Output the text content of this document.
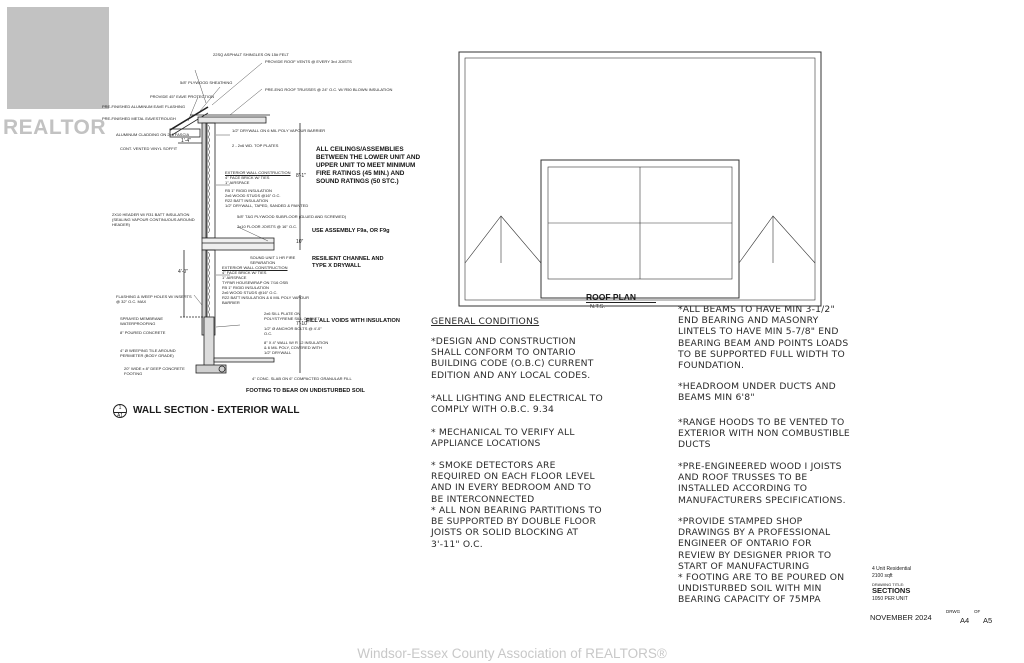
REALTOR
22SQ ASPHALT SHINGLES ON 15# FELT
5/8" PLYWOOD SHEATHING
PROVIDE 45° EAVE PROTECTION
PRE-FINISHED ALUMINUM EAVE FLASHING
PRE-FINISHED METAL EAVESTROUGH
ALUMINUM CLADDING ON 2x6 FASCIA
CONT. VENTED VINYL SOFFIT
PROVIDE ROOF VENTS @ EVERY 3rd JOISTS
PRE-ENG ROOF TRUSSES @ 24" O.C. W/ R50 BLOWN INSULATION
1/2" DRYWALL ON 6 MIL POLY VAPOUR BARRIER
2 - 2x6 WD. TOP PLATES
EXTERIOR WALL CONSTRUCTION
4" FACE BRICK W/ TIES
1" AIRSPACE
R5 1" RIGID INSULATION
2x6 WOOD STUDS @16" O.C.
R22 BATT INSULATION
1/2" DRYWALL, TAPED, SANDED & PAINTED
2X10 HEADER W/ R31 BATT INSULATION (SEALING VAPOUR CONTINUOUS AROUND HEADER)
5/8" T&G PLYWOOD SUBFLOOR (GLUED AND SCREWED)
2x10 FLOOR JOISTS @ 16" O.C.
SOUND UNIT 1 HR FIRE SEPARATION
EXTERIOR WALL CONSTRUCTION
4" FACE BRICK W/ TIES
1" AIRSPACE
TYPAR HOUSEWRAP ON 7/16 OSB
R5 1" RIGID INSULATION
2x6 WOOD STUDS @16" O.C.
R22 BATT INSULATION & 6 MIL POLY VAPOUR BARRIER
FLASHING & WEEP HOLES W/ INSERTS @ 32" O.C. MAX
2x6 SILL PLATE ON POLYSTYRENE SILL GASKET
1/2" Ø ANCHOR BOLTS @ 4'-0" O.C.
8" X 4" WALL W/ R 12 INSULATION & 6 MIL POLY, COVERED WITH 1/2" DRYWALL
SPRAYED MEMBRANE WATERPROOFING
8" POURED CONCRETE
4" Ø WEEPING TILE AROUND PERIMETER (BODY GRADE)
20" WIDE x 8" DEEP CONCRETE FOOTING
4" CONC. SLAB ON 6" COMPACTED GRANULAR FILL
1'-4"
8'-1"
10"
4'-0"
7'-10"
ALL CEILINGS/ASSEMBLIES BETWEEN THE LOWER UNIT AND UPPER UNIT TO MEET MINIMUM FIRE RATINGS (45 MIN.) AND SOUND RATINGS (50 STC.)
USE ASSEMBLY F9a, OR F9g
RESILIENT CHANNEL AND TYPE X DRYWALL
FILL ALL VOIDS WITH INSULATION
FOOTING TO BEAR ON UNDISTURBED SOIL
1
A1 WALL SECTION - EXTERIOR WALL
ROOF PLAN
N.T.S.
GENERAL CONDITIONS
*DESIGN AND CONSTRUCTION SHALL CONFORM TO ONTARIO BUILDING CODE (O.B.C) CURRENT EDITION AND ANY LOCAL CODES.
*ALL LIGHTING AND ELECTRICAL TO COMPLY WITH O.B.C. 9.34
* MECHANICAL TO VERIFY ALL APPLIANCE LOCATIONS
* SMOKE DETECTORS ARE REQUIRED ON EACH FLOOR LEVEL AND IN EVERY BEDROOM AND TO BE INTERCONNECTED
* ALL NON BEARING PARTITIONS TO BE SUPPORTED BY DOUBLE FLOOR JOISTS OR SOLID BLOCKING AT 3'-11" O.C.
*ALL BEAMS TO HAVE MIN 3-1/2" END BEARING AND MASONRY LINTELS TO HAVE MIN 5-7/8" END BEARING BEAM AND POINTS LOADS TO BE SUPPORTED FULL WIDTH TO FOUNDATION.
*HEADROOM UNDER DUCTS AND BEAMS MIN 6'8"
*RANGE HOODS TO BE VENTED TO EXTERIOR WITH NON COMBUSTIBLE DUCTS
*PRE-ENGINEERED WOOD I JOISTS AND ROOF TRUSSES TO BE INSTALLED ACCORDING TO MANUFACTURERS SPECIFICATIONS.
*PROVIDE STAMPED SHOP DRAWINGS BY A PROFESSIONAL ENGINEER OF ONTARIO FOR REVIEW BY DESIGNER PRIOR TO START OF MANUFACTURING
* FOOTING ARE TO BE POURED ON UNDISTURBED SOIL WITH MIN BEARING CAPACITY OF 75MPA
4 Unit Residential
2100 sqft
DRAWING TITLE:
SECTIONS
1050 PER UNIT
NOVEMBER 2024
DRWG	OF
A4 A5
Windsor-Essex County Association of REALTORS®
